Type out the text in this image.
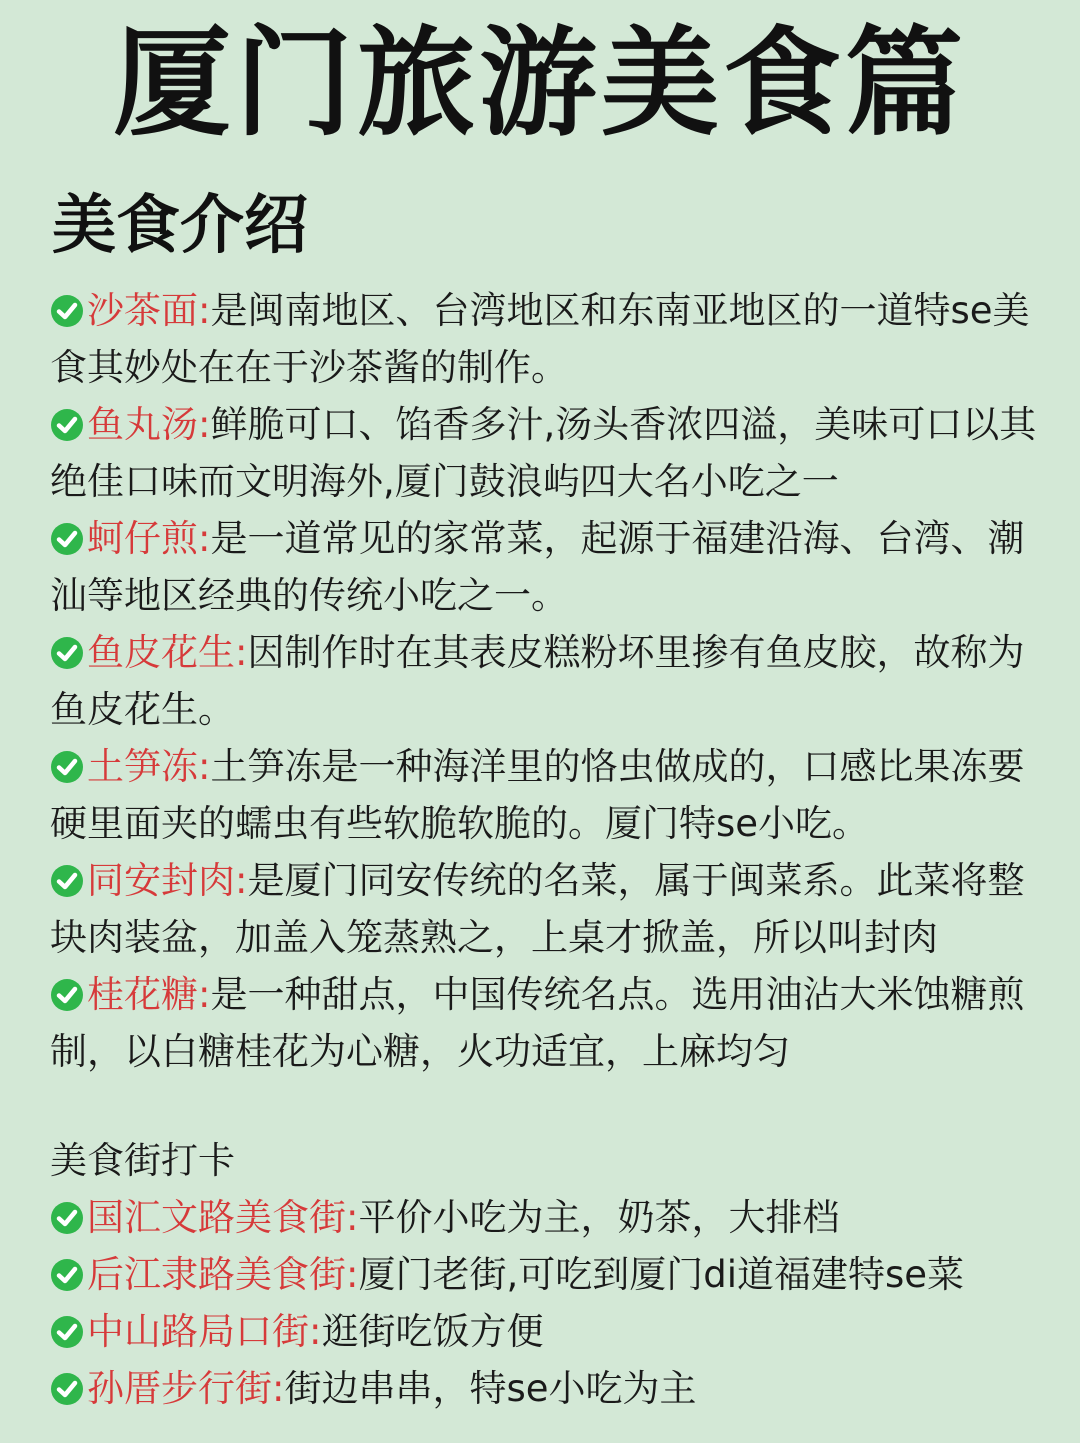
厦门旅游美食篇
美食介绍

沙茶面:是闽南地区、台湾地区和东南亚地区的一道特se美食其妙处在在于沙茶酱的制作。

鱼丸汤:鲜脆可口、馅香多汁,汤头香浓四溢，美味可口以其绝佳口味而文明海外,厦门鼓浪屿四大名小吃之一

蚵仔煎:是一道常见的家常菜，起源于福建沿海、台湾、潮汕等地区经典的传统小吃之一。

鱼皮花生:因制作时在其表皮糕粉坏里掺有鱼皮胶，故称为鱼皮花生。

土笋冻:土笋冻是一种海洋里的恪虫做成的，口感比果冻要硬里面夹的蠕虫有些软脆软脆的。厦门特se小吃。

同安封肉:是厦门同安传统的名菜，属于闽菜系。此菜将整块肉装盆，加盖入笼蒸熟之，上桌才掀盖，所以叫封肉

桂花糖:是一种甜点，中国传统名点。选用油沾大米蚀糖煎制，以白糖桂花为心糖，火功适宜，上麻均匀

美食街打卡

国汇文路美食街:平价小吃为主，奶茶，大排档

后江隶路美食街:厦门老街,可吃到厦门di道福建特se菜

中山路局口街:逛街吃饭方便

孙厝步行街:街边串串，特se小吃为主
